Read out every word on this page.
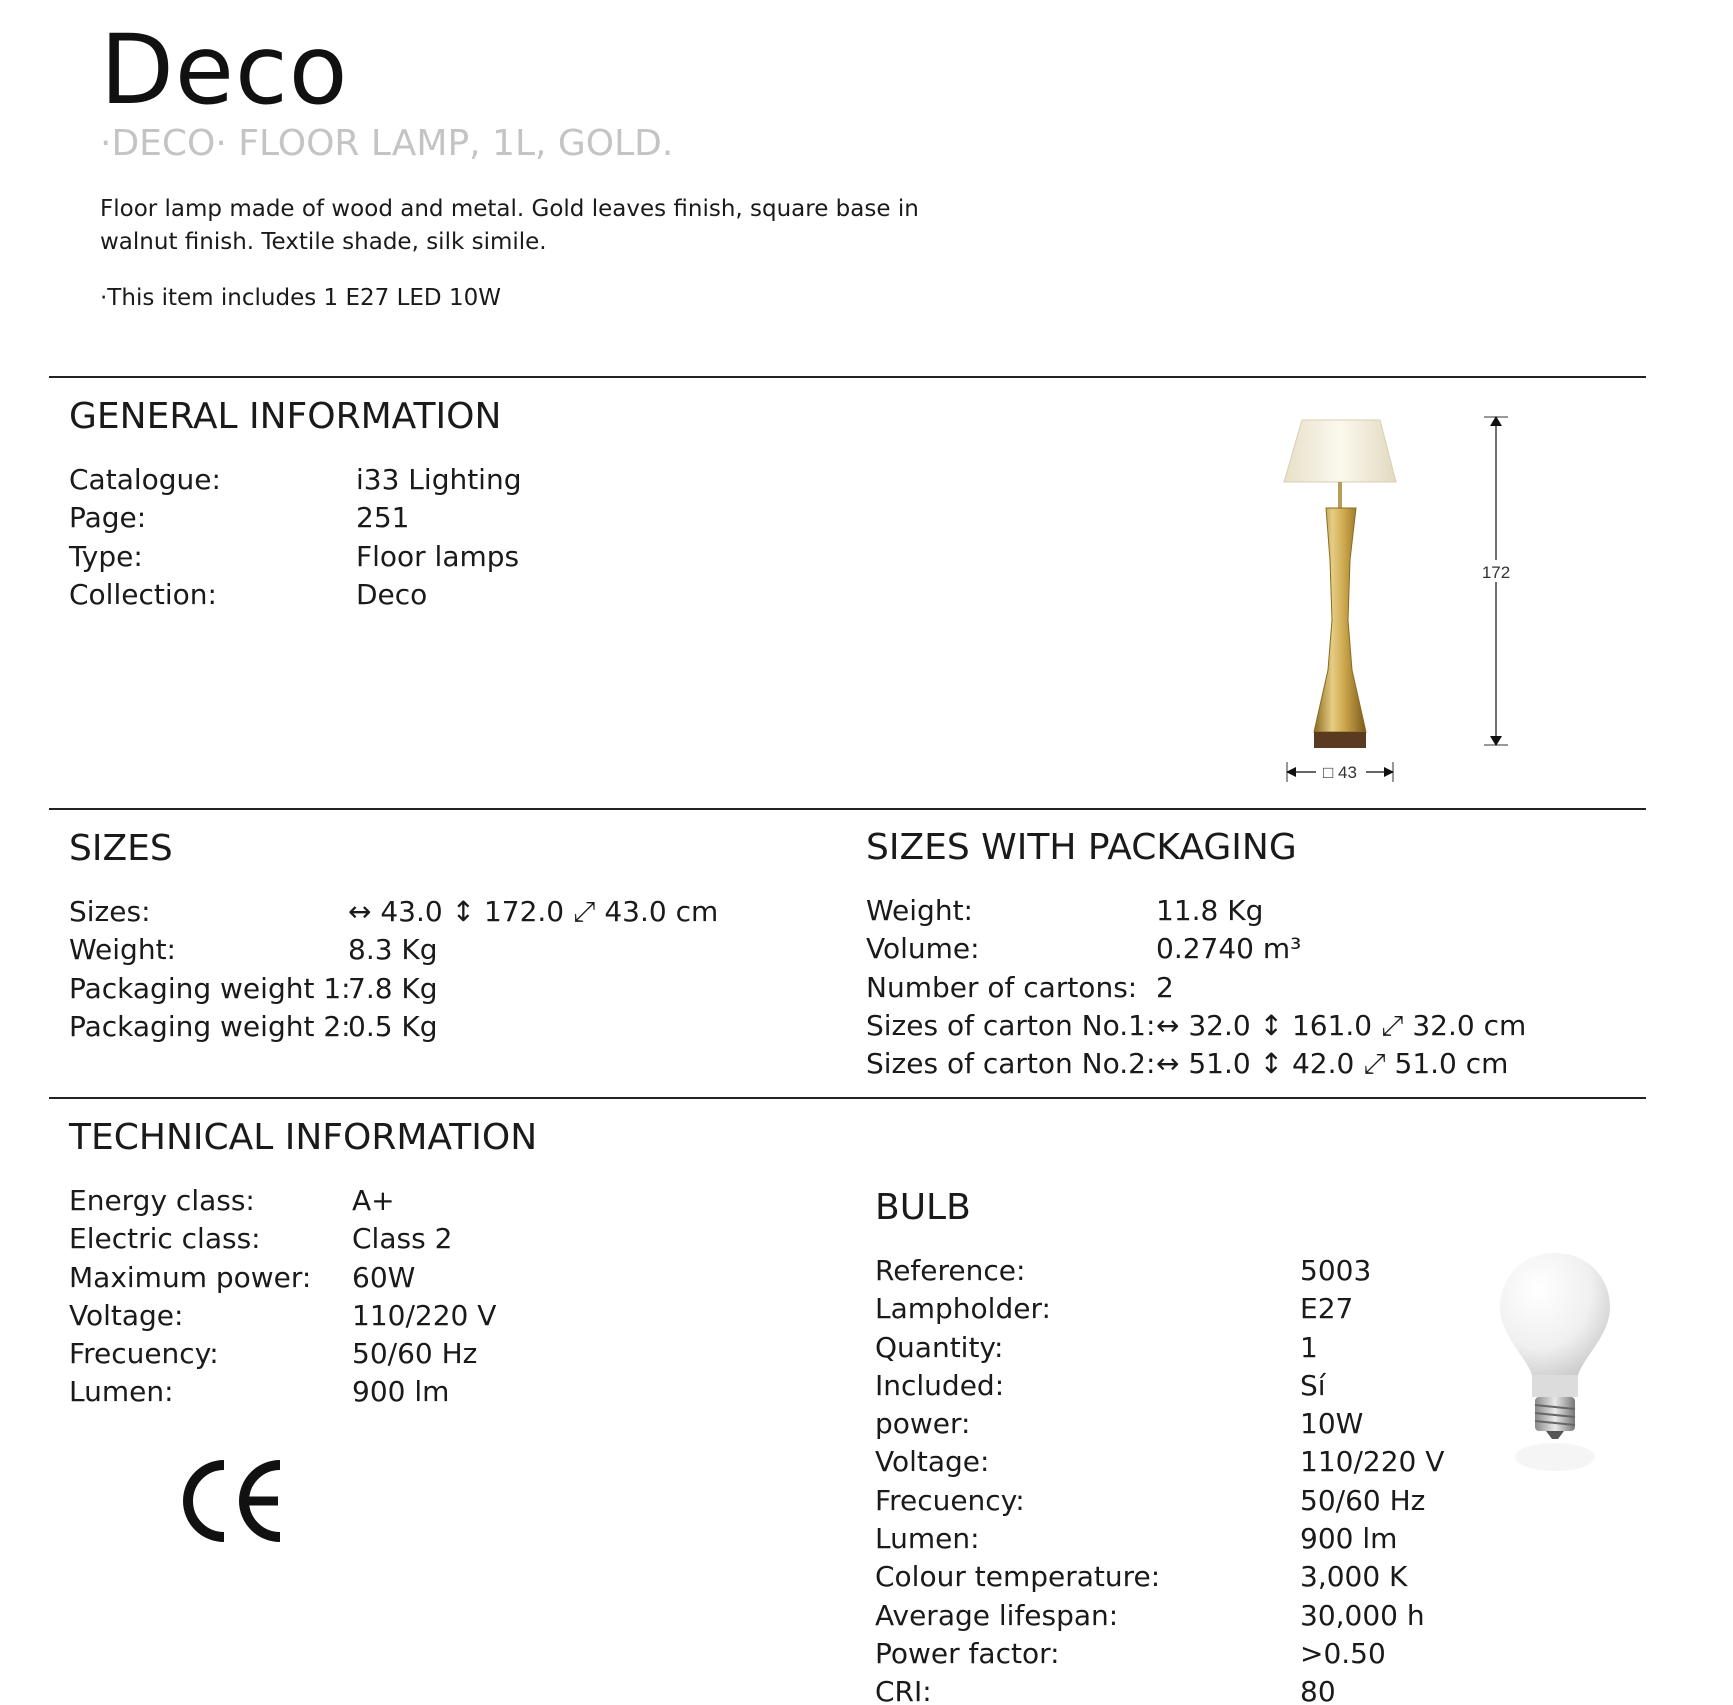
Deco
·DECO· FLOOR LAMP, 1L, GOLD.
Floor lamp made of wood and metal. Gold leaves finish, square base in walnut finish. Textile shade, silk simile.
·This item includes 1 E27 LED 10W
GENERAL INFORMATION
Catalogue:	i33 Lighting
Page:	251
Type:	Floor lamps
Collection:	Deco
172
□ 43
SIZES
Sizes:	↔ 43.0 ↕ 172.0 ⤢ 43.0 cm
Weight:	8.3 Kg
Packaging weight 1:
7.8 Kg
Packaging weight 2:
0.5 Kg
SIZES WITH PACKAGING
Weight:	11.8 Kg
Volume:	0.2740 m³
Number of cartons: 2
Sizes of carton No.1: ↔ 32.0 ↕ 161.0 ⤢ 32.0 cm
Sizes of carton No.2: ↔ 51.0 ↕ 42.0 ⤢ 51.0 cm
TECHNICAL INFORMATION
Energy class:	A+
Electric class:	Class 2
Maximum power:	60W
Voltage:	110/220 V
Frecuency:	50/60 Hz
Lumen:	900 lm
BULB
Reference:	5003
Lampholder:	E27
Quantity:	1
Included:	Sí
power:	10W
Voltage:	110/220 V
Frecuency:	50/60 Hz
Lumen:	900 lm
Colour temperature:	3,000 K
Average lifespan:	30,000 h
Power factor:	>0.50
CRI:	80
